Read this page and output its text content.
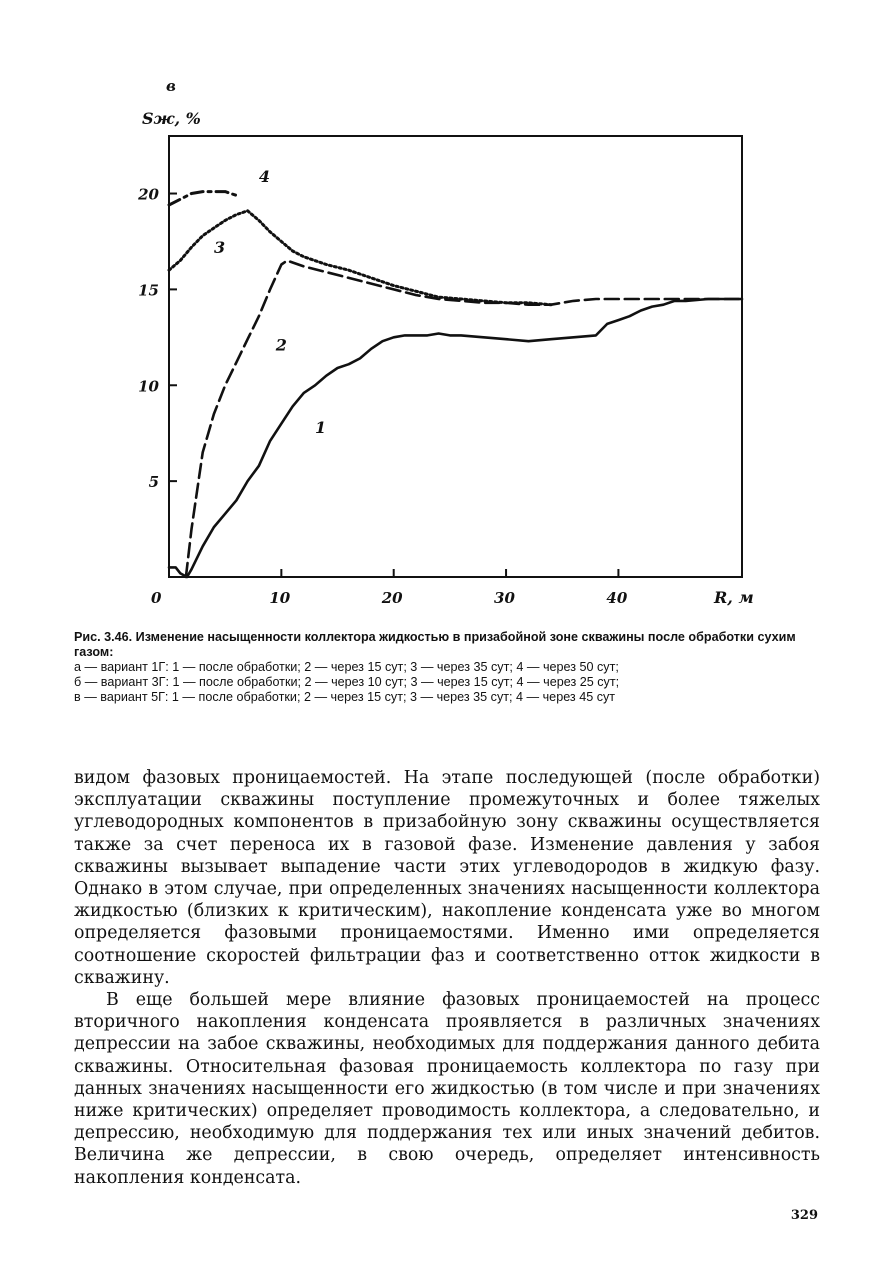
в
Sж, %
0	10	20	30	40
5
10
15
20
1
2
3
4
R, м
Рис. 3.46. Изменение насыщенности коллектора жидкостью в призабойной зоне скважины после обработки сухим газом:
а — вариант 1Г: 1 — после обработки; 2 — через 15 сут; 3 — через 35 сут; 4 — через 50 сут;
б — вариант 3Г: 1 — после обработки; 2 — через 10 сут; 3 — через 15 сут; 4 — через 25 сут;
в — вариант 5Г: 1 — после обработки; 2 — через 15 сут; 3 — через 35 сут; 4 — через 45 сут

видом фазовых проницаемостей. На этапе последующей (после обработки) эксплуатации скважины поступление промежуточных и более тяжелых углеводородных компонентов в призабойную зону скважины осуществляется также за счет переноса их в газовой фазе. Изменение давления у забоя скважины вызывает выпадение части этих углеводородов в жидкую фазу. Однако в этом случае, при определенных значениях насыщенности коллектора жидкостью (близких к критическим), накопление конденсата уже во многом определяется фазовыми проницаемостями. Именно ими определяется соотношение скоростей фильтрации фаз и соответственно отток жидкости в скважину.

В еще большей мере влияние фазовых проницаемостей на процесс вторичного накопления конденсата проявляется в различных значениях депрессии на забое скважины, необходимых для поддержания данного дебита скважины. Относительная фазовая проницаемость коллектора по газу при данных значениях насыщенности его жидкостью (в том числе и при значениях ниже критических) определяет проводимость коллектора, а следовательно, и депрессию, необходимую для поддержания тех или иных значений дебитов. Величина же депрессии, в свою очередь, определяет интенсивность накопления конденсата.

329
